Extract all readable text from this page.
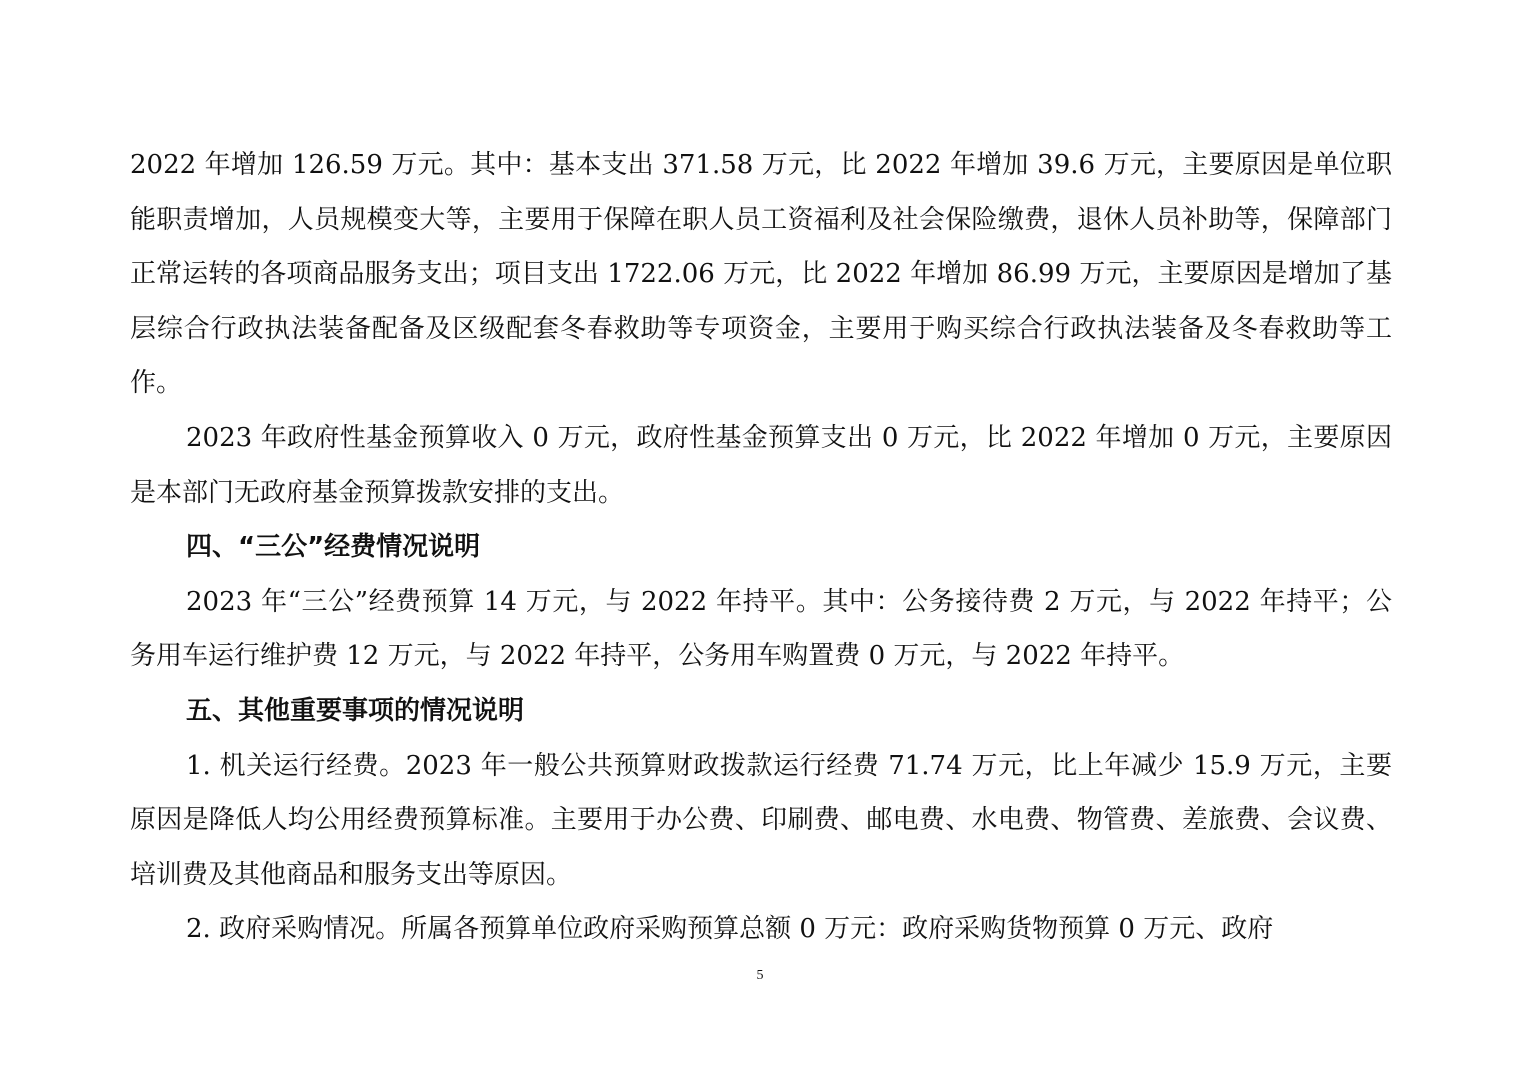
2022 年增加 126.59 万元。其中：基本支出 371.58 万元，比 2022 年增加 39.6 万元，主要原因是单位职能职责增加，人员规模变大等，主要用于保障在职人员工资福利及社会保险缴费，退休人员补助等，保障部门正常运转的各项商品服务支出；项目支出 1722.06 万元，比 2022 年增加 86.99 万元，主要原因是增加了基层综合行政执法装备配备及区级配套冬春救助等专项资金，主要用于购买综合行政执法装备及冬春救助等工作。

2023 年政府性基金预算收入 0 万元，政府性基金预算支出 0 万元，比 2022 年增加 0 万元，主要原因是本部门无政府基金预算拨款安排的支出。

四、“三公”经费情况说明

2023 年“三公”经费预算 14 万元，与 2022 年持平。其中：公务接待费 2 万元，与 2022 年持平；公务用车运行维护费 12 万元，与 2022 年持平，公务用车购置费 0 万元，与 2022 年持平。

五、其他重要事项的情况说明

1. 机关运行经费。2023 年一般公共预算财政拨款运行经费 71.74 万元，比上年减少 15.9 万元，主要原因是降低人均公用经费预算标准。主要用于办公费、印刷费、邮电费、水电费、物管费、差旅费、会议费、培训费及其他商品和服务支出等原因。

2. 政府采购情况。所属各预算单位政府采购预算总额 0 万元：政府采购货物预算 0 万元、政府

5
